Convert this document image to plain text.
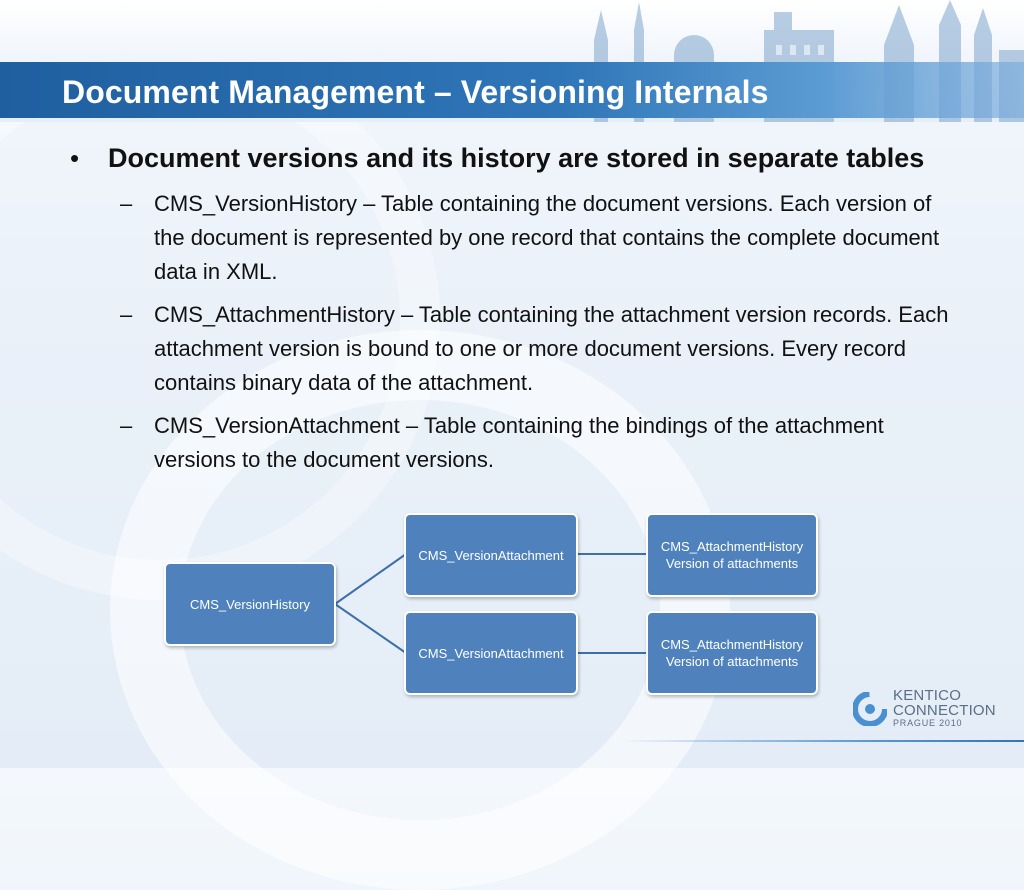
Document Management – Versioning Internals
•	Document versions and its history are stored in separate tables
– CMS_VersionHistory – Table containing the document versions. Each version of the document is represented by one record that contains the complete document data in XML.
– CMS_AttachmentHistory – Table containing the attachment version records. Each attachment version is bound to one or more document versions. Every record contains binary data of the attachment.
– CMS_VersionAttachment – Table containing the bindings of the attachment versions to the document versions.
CMS_VersionHistory
CMS_VersionAttachment
CMS_VersionAttachment
CMS_AttachmentHistory
Version of attachments
CMS_AttachmentHistory
Version of attachments
KENTICO
CONNECTION
PRAGUE 2010
